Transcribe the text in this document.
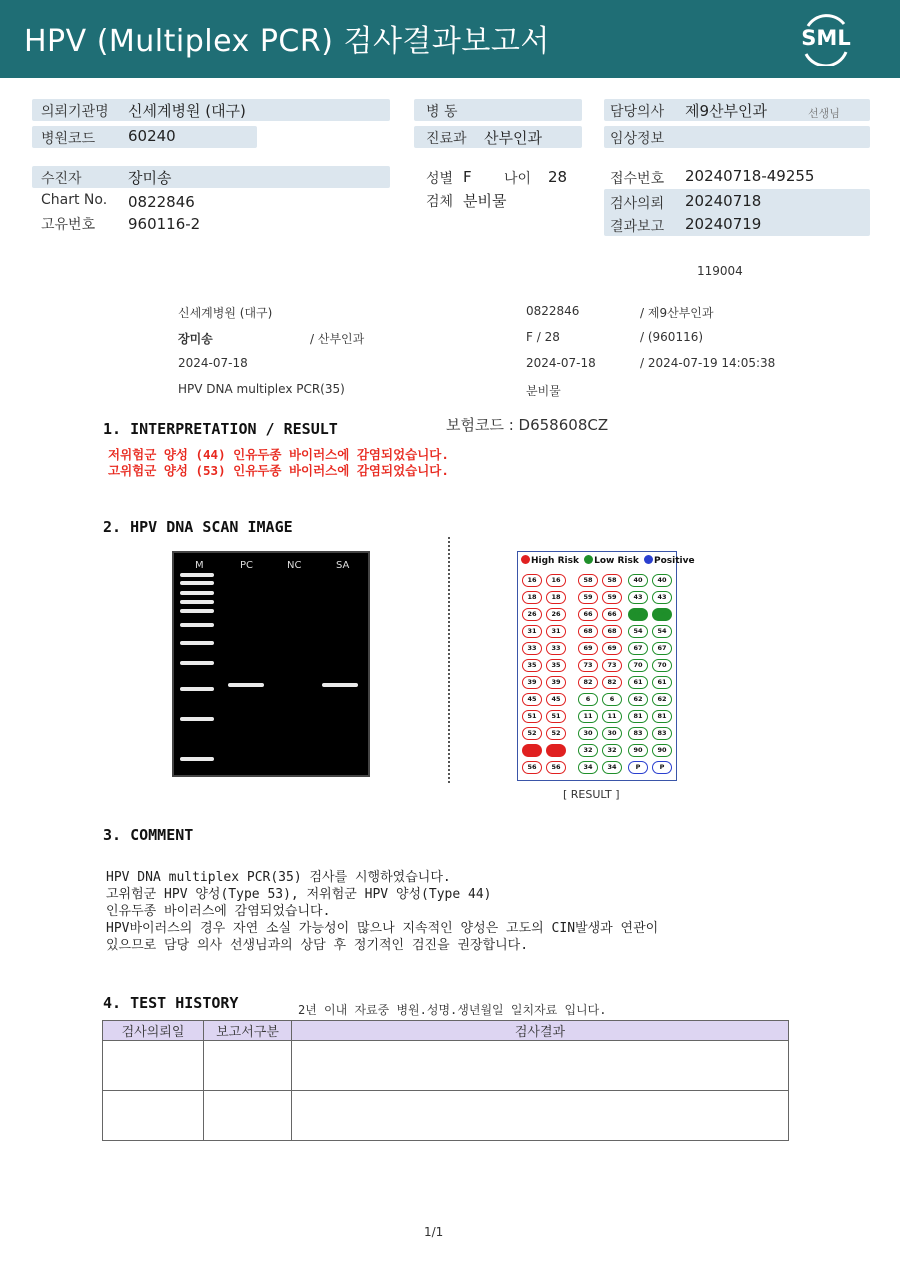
HPV (Multiplex PCR) 검사결과보고서	SML
의뢰기관명 신세계병원 (대구)
병원코드 60240
수진자	장미송
Chart No. 0822846
고유번호 960116-2
병 동
진료과 산부인과
성별 F 나이 28
검체 분비물
담당의사 제9산부인과	선생님
임상정보
접수번호 20240718-49255
검사의뢰 20240718
결과보고 20240719
119004
신세계병원 (대구)	0822846	/ 제9산부인과
장미송	/ 산부인과	F / 28	/ (960116)
2024-07-18	2024-07-18	/ 2024-07-19 14:05:38
HPV DNA multiplex PCR(35)	분비물
보험코드 : D658608CZ
1. INTERPRETATION / RESULT
저위험군 양성 (44) 인유두종 바이러스에 감염되었습니다.
고위험군 양성 (53) 인유두종 바이러스에 감염되었습니다.
2. HPV DNA SCAN IMAGE
M	PC	NC	SA	High Risk Low Risk Positive
16	16	58	58	40	40
18	18	59	59	43	43
26	26	66	66	44	44
31	31	68	68	54	54
33	33	69	69	67	67
35	35	73	73	70	70
39	39	82	82	61	61
45	45	6	6	62	62
51	51	11	11	81	81
52	52	30	30	83	83
53	53	32	32	90	90
56	56	34	34	P	P
[ RESULT ]
3. COMMENT
HPV DNA multiplex PCR(35) 검사를 시행하였습니다.
고위험군 HPV 양성(Type 53), 저위험군 HPV 양성(Type 44)
인유두종 바이러스에 감염되었습니다.
HPV바이러스의 경우 자연 소실 가능성이 많으나 지속적인 양성은 고도의 CIN발생과 연관이
있으므로 담당 의사 선생님과의 상담 후 정기적인 검진을 권장합니다.
4. TEST HISTORY	2년 이내 자료중 병원.성명.생년월일 일치자료 입니다.
검사의뢰일	보고서구분	검사결과

1/1
